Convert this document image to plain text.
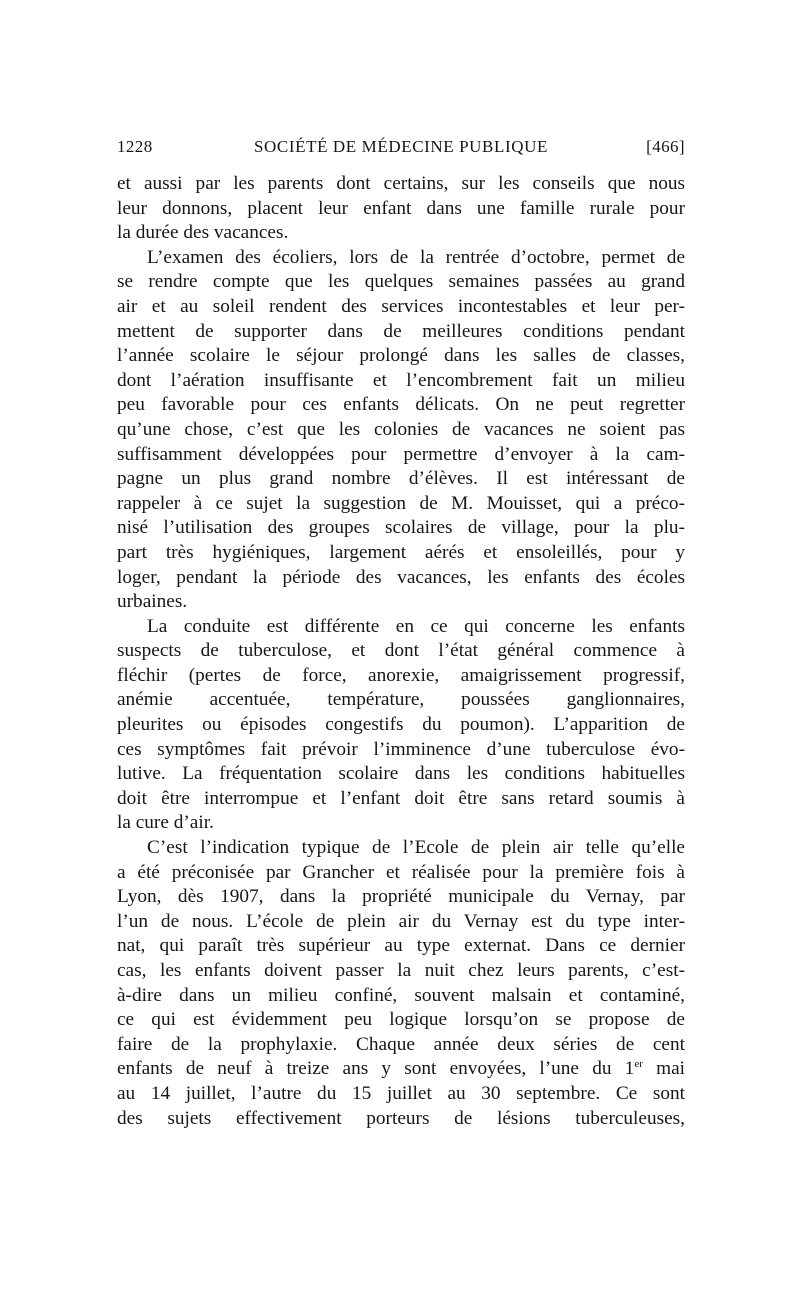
1228	SOCIÉTÉ DE MÉDECINE PUBLIQUE	[466]
et aussi par les parents dont certains, sur les conseils que nous
leur donnons, placent leur enfant dans une famille rurale pour
la durée des vacances.
L’examen des écoliers, lors de la rentrée d’octobre, permet de
se rendre compte que les quelques semaines passées au grand
air et au soleil rendent des services incontestables et leur per-
mettent de supporter dans de meilleures conditions pendant
l’année scolaire le séjour prolongé dans les salles de classes,
dont l’aération insuffisante et l’encombrement fait un milieu
peu favorable pour ces enfants délicats. On ne peut regretter
qu’une chose, c’est que les colonies de vacances ne soient pas
suffisamment développées pour permettre d’envoyer à la cam-
pagne un plus grand nombre d’élèves. Il est intéressant de
rappeler à ce sujet la suggestion de M. Mouisset, qui a préco-
nisé l’utilisation des groupes scolaires de village, pour la plu-
part très hygiéniques, largement aérés et ensoleillés, pour y
loger, pendant la période des vacances, les enfants des écoles
urbaines.
La conduite est différente en ce qui concerne les enfants
suspects de tuberculose, et dont l’état général commence à
fléchir (pertes de force, anorexie, amaigrissement progressif,
anémie accentuée, température, poussées ganglionnaires,
pleurites ou épisodes congestifs du poumon). L’apparition de
ces symptômes fait prévoir l’imminence d’une tuberculose évo-
lutive. La fréquentation scolaire dans les conditions habituelles
doit être interrompue et l’enfant doit être sans retard soumis à
la cure d’air.
C’est l’indication typique de l’Ecole de plein air telle qu’elle
a été préconisée par Grancher et réalisée pour la première fois à
Lyon, dès 1907, dans la propriété municipale du Vernay, par
l’un de nous. L’école de plein air du Vernay est du type inter-
nat, qui paraît très supérieur au type externat. Dans ce dernier
cas, les enfants doivent passer la nuit chez leurs parents, c’est-
à-dire dans un milieu confiné, souvent malsain et contaminé,
ce qui est évidemment peu logique lorsqu’on se propose de
faire de la prophylaxie. Chaque année deux séries de cent
enfants de neuf à treize ans y sont envoyées, l’une du 1er mai
au 14 juillet, l’autre du 15 juillet au 30 septembre. Ce sont
des sujets effectivement porteurs de lésions tuberculeuses,
